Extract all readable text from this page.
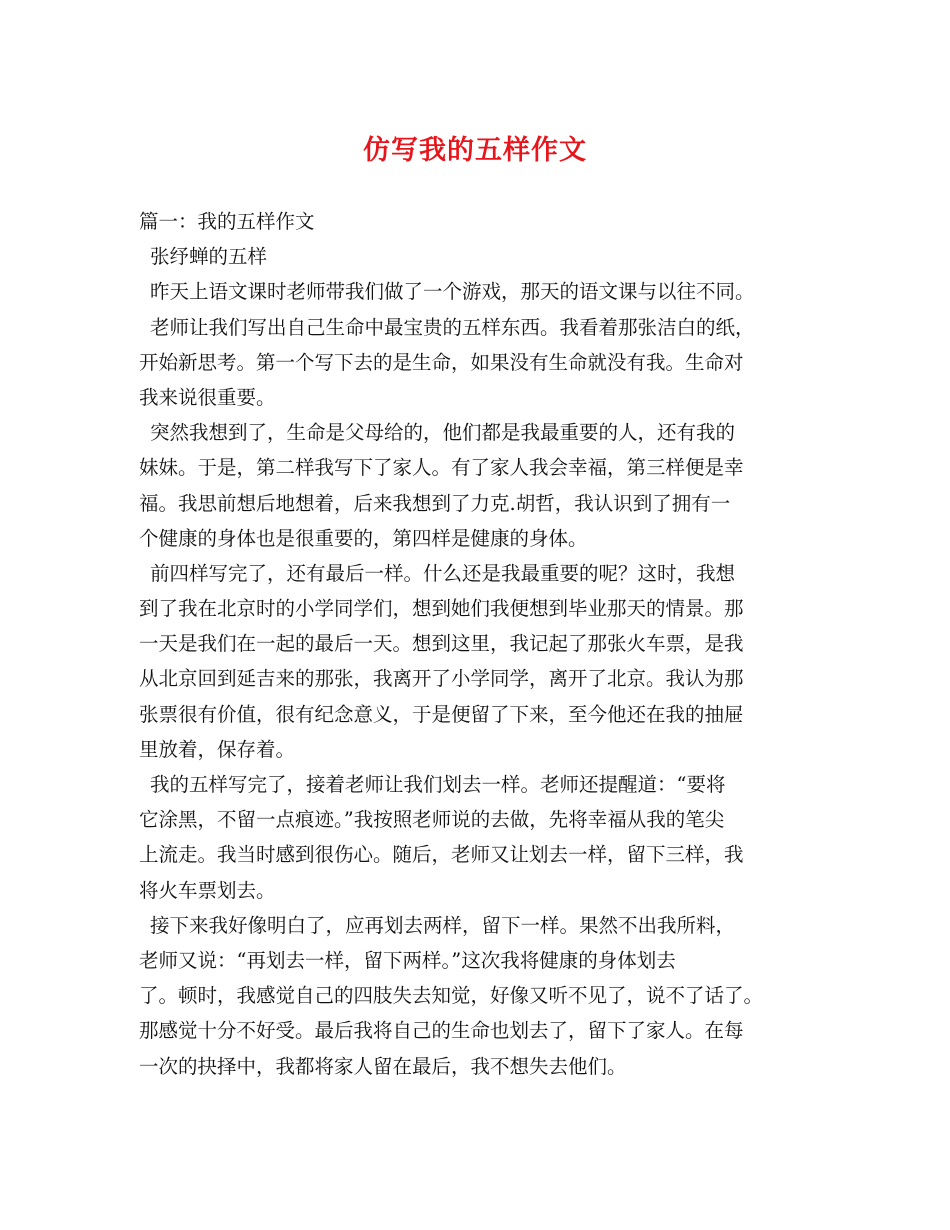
仿写我的五样作文

篇一：我的五样作文

张纾蝉的五样

昨天上语文课时老师带我们做了一个游戏，那天的语文课与以往不同。

老师让我们写出自己生命中最宝贵的五样东西。我看着那张洁白的纸，

开始新思考。第一个写下去的是生命，如果没有生命就没有我。生命对

我来说很重要。

突然我想到了，生命是父母给的，他们都是我最重要的人，还有我的

妹妹。于是，第二样我写下了家人。有了家人我会幸福，第三样便是幸

福。我思前想后地想着，后来我想到了力克.胡哲，我认识到了拥有一

个健康的身体也是很重要的，第四样是健康的身体。

前四样写完了，还有最后一样。什么还是我最重要的呢？这时，我想

到了我在北京时的小学同学们，想到她们我便想到毕业那天的情景。那

一天是我们在一起的最后一天。想到这里，我记起了那张火车票，是我

从北京回到延吉来的那张，我离开了小学同学，离开了北京。我认为那

张票很有价值，很有纪念意义，于是便留了下来，至今他还在我的抽屉

里放着，保存着。

我的五样写完了，接着老师让我们划去一样。老师还提醒道：“要将

它涂黑，不留一点痕迹。”我按照老师说的去做，先将幸福从我的笔尖

上流走。我当时感到很伤心。随后，老师又让划去一样，留下三样，我

将火车票划去。

接下来我好像明白了，应再划去两样，留下一样。果然不出我所料，

老师又说：“再划去一样，留下两样。”这次我将健康的身体划去

了。顿时，我感觉自己的四肢失去知觉，好像又听不见了，说不了话了。

那感觉十分不好受。最后我将自己的生命也划去了，留下了家人。在每

一次的抉择中，我都将家人留在最后，我不想失去他们。
